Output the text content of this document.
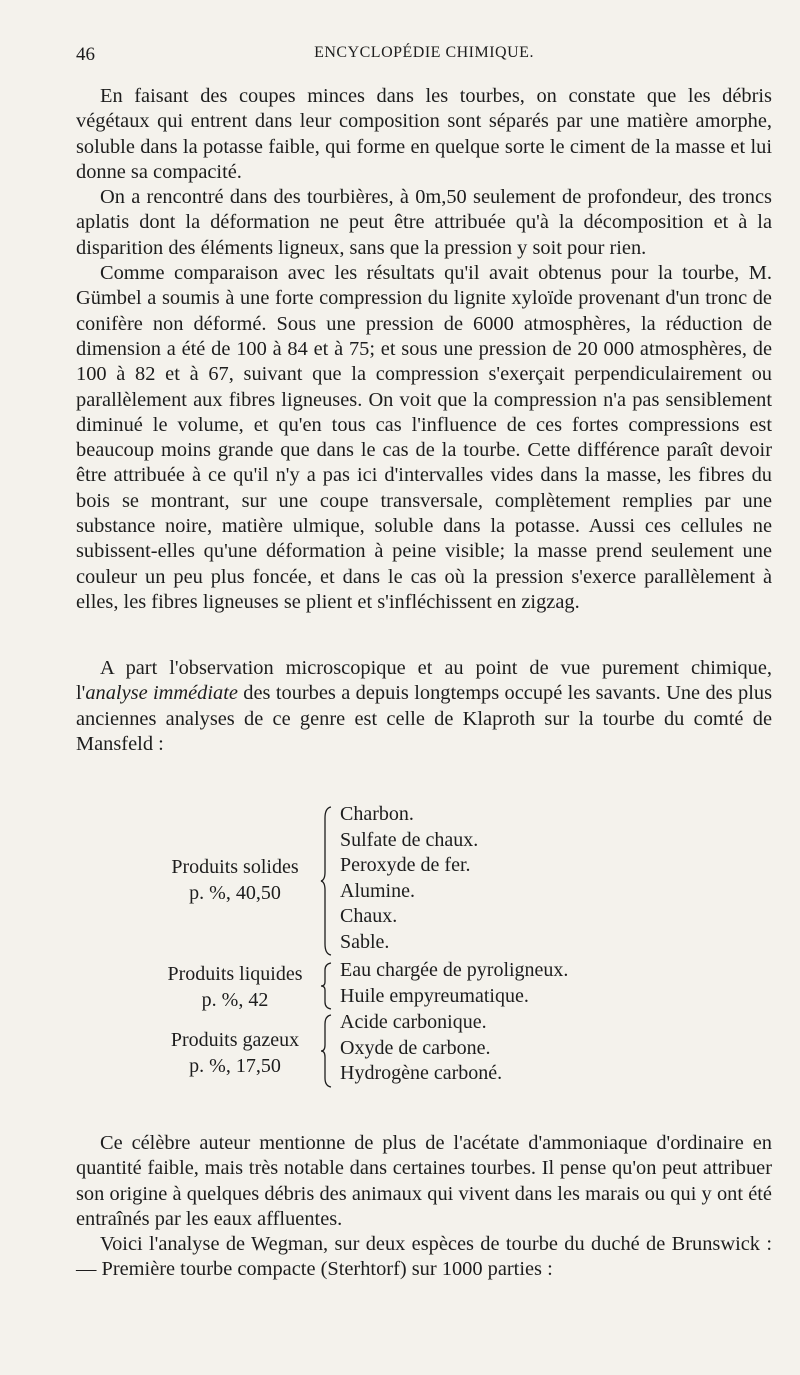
46	ENCYCLOPÉDIE CHIMIQUE.

En faisant des coupes minces dans les tourbes, on constate que les débris végétaux qui entrent dans leur composition sont séparés par une matière amorphe, soluble dans la potasse faible, qui forme en quelque sorte le ciment de la masse et lui donne sa compacité.

On a rencontré dans des tourbières, à 0m,50 seulement de profondeur, des troncs aplatis dont la déformation ne peut être attribuée qu'à la décomposition et à la disparition des éléments ligneux, sans que la pression y soit pour rien.

Comme comparaison avec les résultats qu'il avait obtenus pour la tourbe, M. Gümbel a soumis à une forte compression du lignite xyloïde provenant d'un tronc de conifère non déformé. Sous une pression de 6000 atmosphères, la réduction de dimension a été de 100 à 84 et à 75; et sous une pression de 20 000 atmosphères, de 100 à 82 et à 67, suivant que la compression s'exerçait perpendiculairement ou parallèlement aux fibres ligneuses. On voit que la compression n'a pas sensiblement diminué le volume, et qu'en tous cas l'influence de ces fortes compressions est beaucoup moins grande que dans le cas de la tourbe. Cette différence paraît devoir être attribuée à ce qu'il n'y a pas ici d'intervalles vides dans la masse, les fibres du bois se montrant, sur une coupe transversale, complètement remplies par une substance noire, matière ulmique, soluble dans la potasse. Aussi ces cellules ne subissent-elles qu'une déformation à peine visible; la masse prend seulement une couleur un peu plus foncée, et dans le cas où la pression s'exerce parallèlement à elles, les fibres ligneuses se plient et s'infléchissent en zigzag.

A part l'observation microscopique et au point de vue purement chimique, l'analyse immédiate des tourbes a depuis longtemps occupé les savants. Une des plus anciennes analyses de ce genre est celle de Klaproth sur la tourbe du comté de Mansfeld :

Produits solides
p. %, 40,50
Charbon.
Sulfate de chaux.
Peroxyde de fer.
Alumine.
Chaux.
Sable.
Produits liquides
p. %, 42
Eau chargée de pyroligneux.
Huile empyreumatique.
Produits gazeux
p. %, 17,50
Acide carbonique.
Oxyde de carbone.
Hydrogène carboné.

Ce célèbre auteur mentionne de plus de l'acétate d'ammoniaque d'ordinaire en quantité faible, mais très notable dans certaines tourbes. Il pense qu'on peut attribuer son origine à quelques débris des animaux qui vivent dans les marais ou qui y ont été entraînés par les eaux affluentes.

Voici l'analyse de Wegman, sur deux espèces de tourbe du duché de Brunswick : — Première tourbe compacte (Sterhtorf) sur 1000 parties :
